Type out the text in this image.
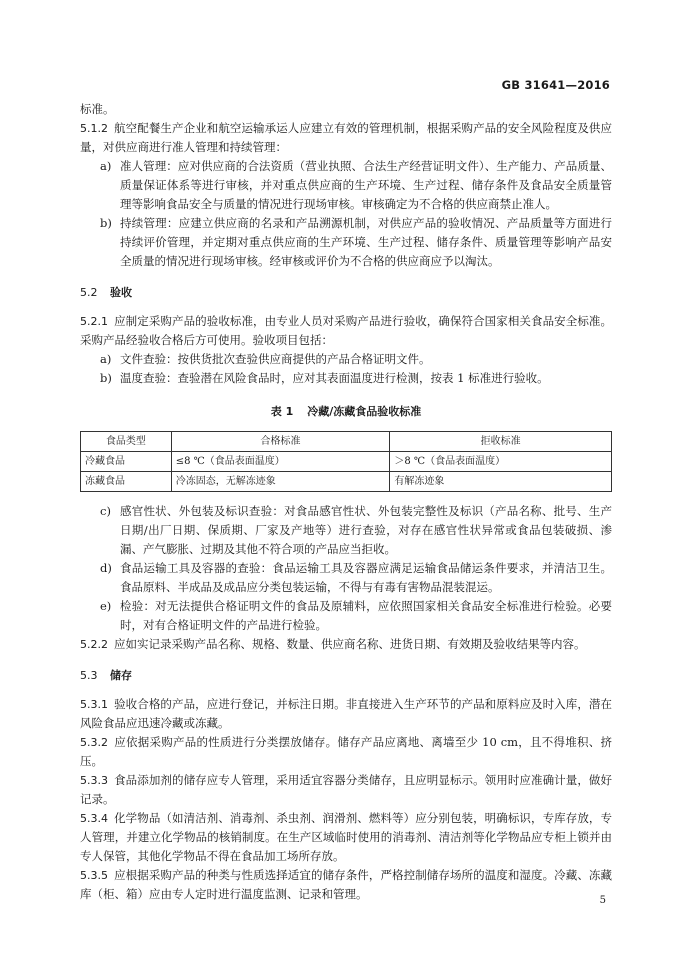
GB 31641—2016

标准。

5.1.2 航空配餐生产企业和航空运输承运人应建立有效的管理机制，根据采购产品的安全风险程度及供应量，对供应商进行准人管理和持续管理：

a) 准人管理：应对供应商的合法资质（营业执照、合法生产经营证明文件）、生产能力、产品质量、质量保证体系等进行审核，并对重点供应商的生产环境、生产过程、储存条件及食品安全质量管理等影响食品安全与质量的情况进行现场审核。审核确定为不合格的供应商禁止准人。

b) 持续管理：应建立供应商的名录和产品溯源机制，对供应产品的验收情况、产品质量等方面进行持续评价管理，并定期对重点供应商的生产环境、生产过程、储存条件、质量管理等影响产品安全质量的情况进行现场审核。经审核或评价为不合格的供应商应予以淘汰。

5.2 验收

5.2.1 应制定采购产品的验收标准，由专业人员对采购产品进行验收，确保符合国家相关食品安全标准。采购产品经验收合格后方可使用。验收项目包括：

a) 文件查验：按供货批次查验供应商提供的产品合格证明文件。

b) 温度查验：查验潜在风险食品时，应对其表面温度进行检测，按表 1 标准进行验收。

表 1 冷藏/冻藏食品验收标准
食品类型	合格标准	拒收标准
冷藏食品	≤8 ℃（食品表面温度）	＞8 ℃（食品表面温度）
冻藏食品	冷冻固态，无解冻迹象	有解冻迹象

c) 感官性状、外包装及标识查验：对食品感官性状、外包装完整性及标识（产品名称、批号、生产日期/出厂日期、保质期、厂家及产地等）进行查验，对存在感官性状异常或食品包装破损、渗漏、产气膨胀、过期及其他不符合项的产品应当拒收。

d) 食品运输工具及容器的查验：食品运输工具及容器应满足运输食品储运条件要求，并清洁卫生。食品原料、半成品及成品应分类包装运输，不得与有毒有害物品混装混运。

e) 检验：对无法提供合格证明文件的食品及原辅料，应依照国家相关食品安全标准进行检验。必要时，对有合格证明文件的产品进行检验。

5.2.2 应如实记录采购产品名称、规格、数量、供应商名称、进货日期、有效期及验收结果等内容。

5.3 储存

5.3.1 验收合格的产品，应进行登记，并标注日期。非直接进入生产环节的产品和原料应及时入库，潜在风险食品应迅速冷藏或冻藏。

5.3.2 应依据采购产品的性质进行分类摆放储存。储存产品应离地、离墙至少 10 cm，且不得堆积、挤压。

5.3.3 食品添加剂的储存应专人管理，采用适宜容器分类储存，且应明显标示。领用时应准确计量，做好记录。

5.3.4 化学物品（如清洁剂、消毒剂、杀虫剂、润滑剂、燃料等）应分别包装，明确标识，专库存放，专人管理，并建立化学物品的核销制度。在生产区域临时使用的消毒剂、清洁剂等化学物品应专柜上锁并由专人保管，其他化学物品不得在食品加工场所存放。

5.3.5 应根据采购产品的种类与性质选择适宜的储存条件，严格控制储存场所的温度和湿度。冷藏、冻藏库（柜、箱）应由专人定时进行温度监测、记录和管理。	5
